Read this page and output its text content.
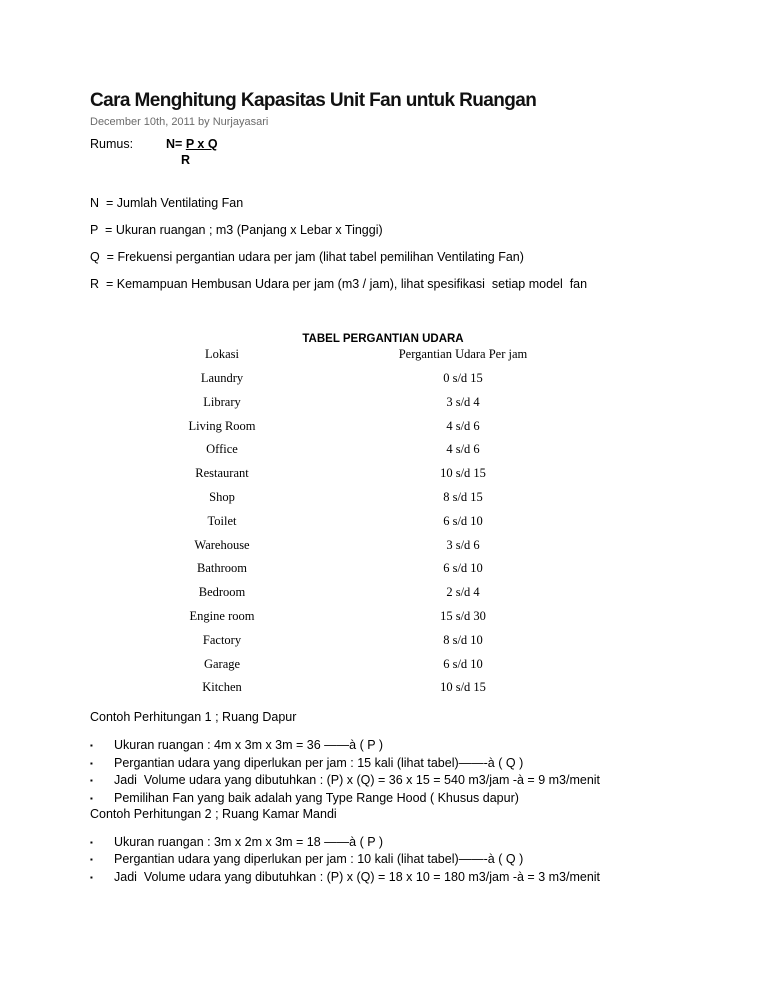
Cara Menghitung Kapasitas Unit Fan untuk Ruangan
December 10th, 2011 by Nurjayasari
Rumus:	N= P x Q
R
N  = Jumlah Ventilating Fan
P  = Ukuran ruangan ; m3 (Panjang x Lebar x Tinggi)
Q  = Frekuensi pergantian udara per jam (lihat tabel pemilihan Ventilating Fan)
R  = Kemampuan Hembusan Udara per jam (m3 / jam), lihat spesifikasi  setiap model  fan
TABEL PERGANTIAN UDARA
Lokasi	Pergantian Udara Per jam
Laundry	0 s/d 15
Library	3 s/d 4
Living Room	4 s/d 6
Office	4 s/d 6
Restaurant	10 s/d 15
Shop	8 s/d 15
Toilet	6 s/d 10
Warehouse	3 s/d 6
Bathroom	6 s/d 10
Bedroom	2 s/d 4
Engine room	15 s/d 30
Factory	8 s/d 10
Garage	6 s/d 10
Kitchen	10 s/d 15
Contoh Perhitungan 1 ; Ruang Dapur

▪

Ukuran ruangan : 4m x 3m x 3m = 36 ——à ( P )

▪

Pergantian udara yang diperlukan per jam : 15 kali (lihat tabel)——-à ( Q )

▪

Jadi  Volume udara yang dibutuhkan : (P) x (Q) = 36 x 15 = 540 m3/jam -à = 9 m3/menit

▪

Pemilihan Fan yang baik adalah yang Type Range Hood ( Khusus dapur)

Contoh Perhitungan 2 ; Ruang Kamar Mandi

▪

Ukuran ruangan : 3m x 2m x 3m = 18 ——à ( P )

▪

Pergantian udara yang diperlukan per jam : 10 kali (lihat tabel)——-à ( Q )

▪

Jadi  Volume udara yang dibutuhkan : (P) x (Q) = 18 x 10 = 180 m3/jam -à = 3 m3/menit
